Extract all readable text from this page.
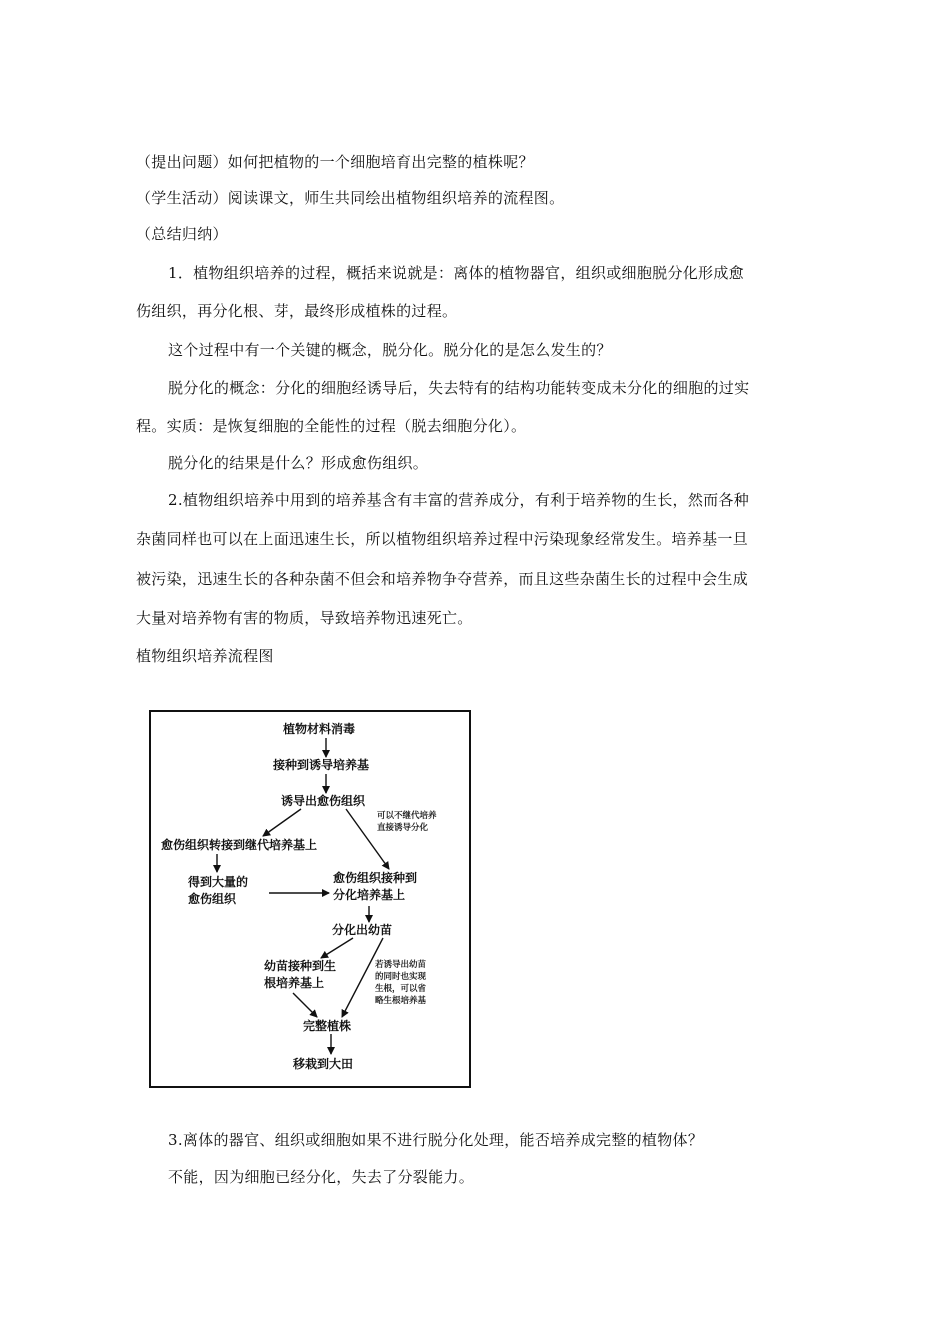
（提出问题）如何把植物的一个细胞培育出完整的植株呢？
（学生活动）阅读课文，师生共同绘出植物组织培养的流程图。
（总结归纳）
1．植物组织培养的过程，概括来说就是：离体的植物器官，组织或细胞脱分化形成愈
伤组织，再分化根、芽，最终形成植株的过程。
这个过程中有一个关键的概念，脱分化。脱分化的是怎么发生的？
脱分化的概念：分化的细胞经诱导后，失去特有的结构功能转变成未分化的细胞的过实
程。实质：是恢复细胞的全能性的过程（脱去细胞分化）。
脱分化的结果是什么？形成愈伤组织。
2.植物组织培养中用到的培养基含有丰富的营养成分，有利于培养物的生长，然而各种
杂菌同样也可以在上面迅速生长，所以植物组织培养过程中污染现象经常发生。培养基一旦
被污染，迅速生长的各种杂菌不但会和培养物争夺营养，而且这些杂菌生长的过程中会生成
大量对培养物有害的物质，导致培养物迅速死亡。
植物组织培养流程图
植物材料消毒
接种到诱导培养基
诱导出愈伤组织
愈伤组织转接到继代培养基上
得到大量的
愈伤组织
愈伤组织接种到
分化培养基上
分化出幼苗
幼苗接种到生
根培养基上
完整植株
移栽到大田
可以不继代培养
直接诱导分化
若诱导出幼苗
的同时也实现
生根，可以省
略生根培养基
3.离体的器官、组织或细胞如果不进行脱分化处理，能否培养成完整的植物体？
不能，因为细胞已经分化，失去了分裂能力。
